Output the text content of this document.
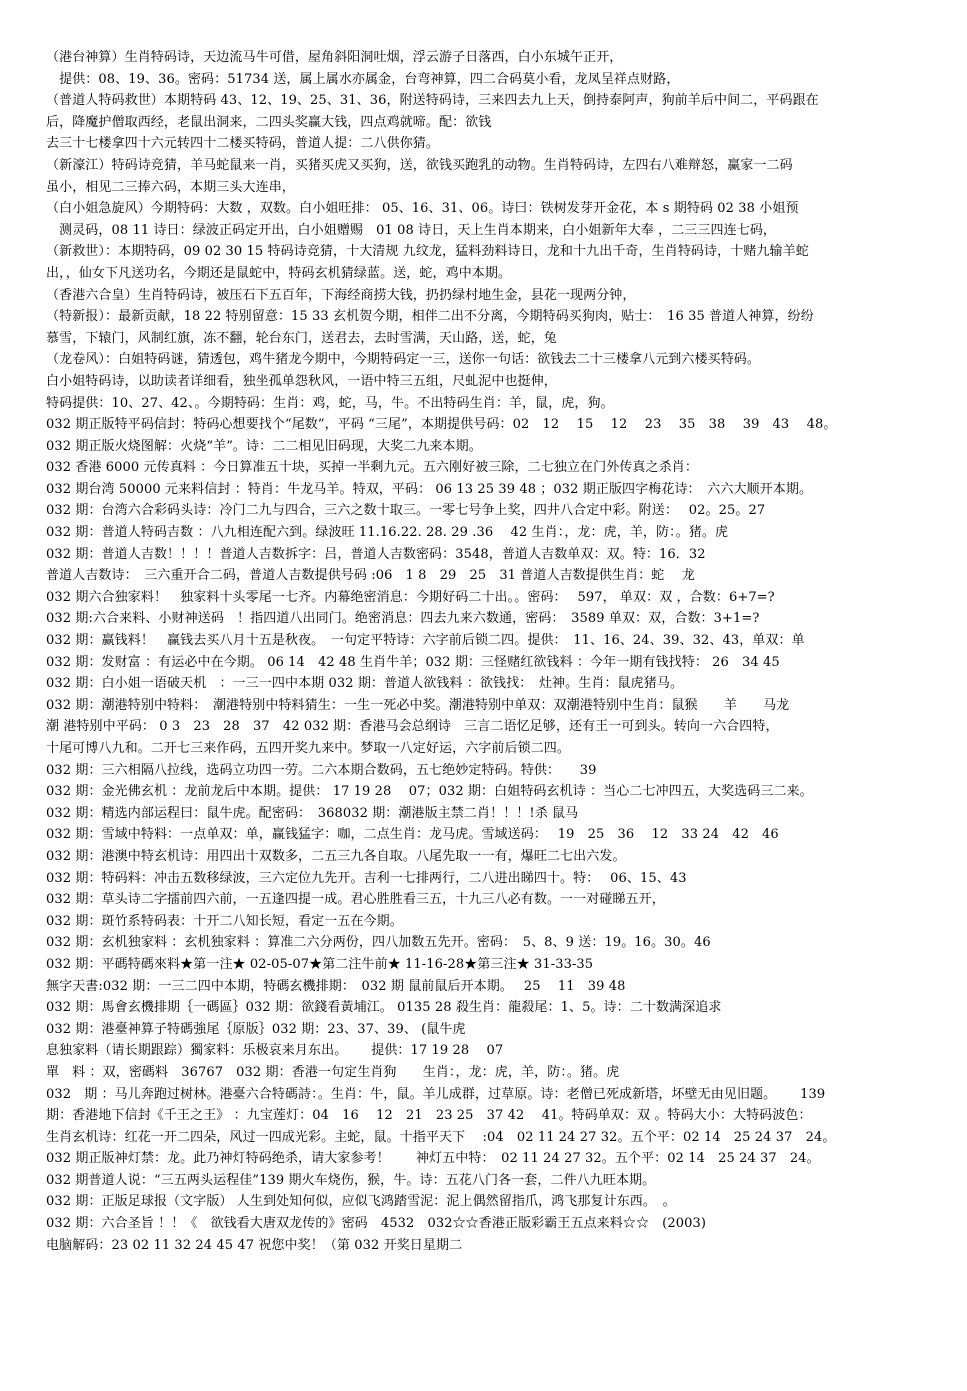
（港台神算）生肖特码诗，天边流马牛可借，屋角斜阳洞吐烟，浮云游子日落西，白小东城午正开，
　提供：08、19、36。密码：51734 送，属上属水亦属金，台弯神算，四二合码莫小看，龙凤呈祥点财路，
（普道人特码救世）本期特码 43、12、19、25、31、36，附送特码诗，三来四去九上天，倒持泰阿声，狗前羊后中间二，平码跟在
后，降魔护僧取西经，老鼠出洞来，二四头奖赢大钱，四点鸡就啼。配：欲钱
去三十七楼拿四十六元转四十二楼买特码，普道人提：二八供你猜。
（新濠江）特码诗竞猜，羊马蛇鼠来一肖，买猪买虎又买狗，送，欲钱买跑乳的动物。生肖特码诗，左四右八难辩怒，赢家一二码
虽小，相见二三捧六码，本期三头大连串，
（白小姐急旋风）今期特码：大数 ，双数。白小姐旺排： 05、16、31、06。诗曰：铁树发芽开金花，本 s 期特码 02 38 小姐预
　测灵码，08 11 诗日：绿波正码定开出，白小姐赠赐　01 08 诗日，天上生肖本期来，白小姐新年大奉 ，二三三四连七码，
（新救世）：本期特码，09 02 30 15 特码诗竞猜，十大清规 九纹龙，猛料劲料诗日，龙和十九出千奇，生肖特码诗，十赌九输羊蛇
出，，仙女下凡送功名，今期还是鼠蛇中，特码玄机猜绿蓝。送，蛇，鸡中本期。
（香港六合皇）生肖特码诗，被压石下五百年，下海经商捞大钱，扔扔绿村地生金，县花一现两分钟，
（特新报）：最新贡献，18 22 特别留意：15 33 玄机贺今期，相伴二出不分离，今期特码买狗肉，贴士：　16 35 普道人神算，纷纷
慕雪，下辕门，风制红旗，冻不翻，轮台东门，送君去，去时雪满，天山路，送，蛇，兔
（龙卷风）：白姐特码谜，猜透包，鸡牛猪龙今期中，今期特码定一三，送你一句话：欲钱去二十三楼拿八元到六楼买特码。
白小姐特码诗，以助读者详细看，独坐孤单怨秋风，一语中特三五组，尺虬泥中也挺伸，
特码提供：10、27、42、。今期特码：生肖：鸡，蛇，马，牛。不出特码生肖：羊，鼠，虎，狗。
032 期正版特平码信封：特码心想要找个“尾数”，平码 “三尾”，本期提供号码：02　12　 15　 12　 23　 35　38　 39　43　 48。
032 期正版火烧图解：火烧“羊”。诗：二二相见旧码现，大奖二九来本期。
032 香港 6000 元传真料 ：今日算准五十块，买掉一半剩九元。五六刚好被三除，二七独立在门外传真之杀肖：
032 期台湾 50000 元来料信封 ：特肖：牛龙马羊。特双，平码： 06 13 25 39 48 ；032 期正版四字梅花诗：　六六大顺开本期。
032 期：台湾六合彩码头诗：冷门二九与四合，三六之数十取三。一零七号争上奖，四井八合定中彩。附送：　 02。25。27
032 期：普道人特码吉数 ：八九相连配六到。绿波旺 11.16.22. 28. 29 .36　 42 生肖：，龙：虎，羊，防：。猪。虎
032 期：普道人吉数！！！！普道人吉数拆字：吕，普道人吉数密码：3548，普道人吉数单双：双。特：16．32
普道人吉数诗：　三六重开合二码，普道人吉数提供号码 :06　1 8　29　25　31 普道人吉数提供生肖：蛇　 龙
032 期六合独家料！　独家料十头零尾一七齐。内幕绝密消息：今期好码二十出。。密码：　 597， 单双：双 ，合数：6+7=?
032 期:六合来料、小财神送码　！指四道八出同门。绝密消息：四去九来六数通，密码：　3589 单双：双，合数：3+1=?
032 期：赢钱料！　赢钱去买八月十五是秋夜。　一句定平特诗：六字前后锁二四。提供：　11、16、24、39、32、43，单双：单
032 期：发财富 ：有运必中在今期。 06 14　42 48 生肖牛羊；032 期：三怪赌红欲钱料 ：今年一期有钱找特： 26　34 45
032 期：白小姐一语破天机　：一三一四中本期 032 期：普道人欲钱料 ：欲钱找：　灶神。生肖：鼠虎猪马。
032 期：潮港特别中特料：　潮港特别中特料猜生：一生一死必中奖。潮港特别中单双：双潮港特别中生肖：鼠猴　　羊　　马龙
潮 港特别中平码： 0 3　23　28　37　42 032 期：香港马会总纲诗　三言二语忆足够，还有王一可到头。转向一六合四特，
十尾可博八九和。二开七三来作码，五四开奖九来中。梦取一八定好运，六字前后锁二四。
032 期：三六相隔八拉线，选码立功四一劳。二六本期合数码，五七绝妙定特码。特供：　　39
032 期：金光佛玄机 ：龙前龙后中本期。提供： 17 19 28　 07；032 期：白姐特码玄机诗 ：当心二七冲四五，大奖选码三二来。
032 期：精选内部运程曰：鼠牛虎。配密码：　368032 期：潮港版主禁二肖！！！!杀 鼠马
032 期：雪域中特料：一点单双：单，赢钱猛字：咖，二点生肖：龙马虎。雪域送码：　 19　25　36　 12　33 24　42　46
032 期：港澳中特玄机诗：用四出十双数多，二五三九各自取。八尾先取一一有，爆旺二七出六发。
032 期：特码料：冲击五数移绿波，三六定位九先开。吉利一七排两行，二八进出睇四十。特：　 06、15、43
032 期：草头诗二字擂前四六前，一五逢四提一成。君心胜胜看三五，十九三八必有数。一一对碰睇五开，
032 期：斑竹系特码表：十开二八知长短，看定一五在今期。
032 期：玄机独家料 ：玄机独家料 ：算准二六分两份，四八加数五先开。密码：　5、8、9 送：19。16。30。46
032 期：平碼特碼來料★第一注★ 02-05-07★第二注牛前★ 11-16-28★第三注★ 31-33-35
無字天書:032 期：一三二四中本期，特碼玄機排期：　032 期 鼠前鼠后开本期。　 25　 11　39 48
032 期：馬會玄機排期｛一碼區｝032 期：欲錢看黃埔江。 0135 28 殺生肖：龍殺尾：1、5。诗：二十数满深追求
032 期：港臺神算子特碼強尾｛原版｝032 期：23、37、39、 (鼠牛虎
息独家料（请长期跟踪）獨家料：乐极哀来月东出。　　 提供：17 19 28　 07
單　料 ：双，密碼料　36767　032 期：香港一句定生肖狗　　生肖：，龙：虎，羊，防：。猪。虎
032　期 ：马儿奔跑过树林。港臺六合特碼詩：。生肖：牛，鼠。羊儿成群，过草原。诗：老僧已死成新塔，坏壁无由见旧题。　 　139
期：香港地下信封《千王之王》 ：九宝莲灯：04　16　 12　21　23 25　37 42　 41。特码单双：双 。特码大小：大特码波色：
生肖玄机诗：红花一开二四朵，风过一四成光彩。主蛇，鼠。十指平天下　 :04　02 11 24 27 32。五个平：02 14　25 24 37　24。
032 期正版神灯禁：龙。此乃神灯特码绝杀，请大家参考！　　神灯五中特：　02 11 24 27 32。五个平：02 14　25 24 37　24。
032 期普道人说：“三五两头运程佳”139 期火车烧伤，猴，牛。诗：五花八门各一套，二件八九旺本期。
032 期：正版足球报（文字版） 人生到处知何似，应似飞鸿踏雪泥：泥上偶然留指爪，鸿飞那复计东西。　。
032 期：六合圣旨 ！！《　欲钱看大唐双龙传的》密码　4532　032☆☆香港正版彩霸王五点来料☆☆　(2003)
电脑解码：23 02 11 32 24 45 47 祝您中奖！（第 032 开奖日星期二
